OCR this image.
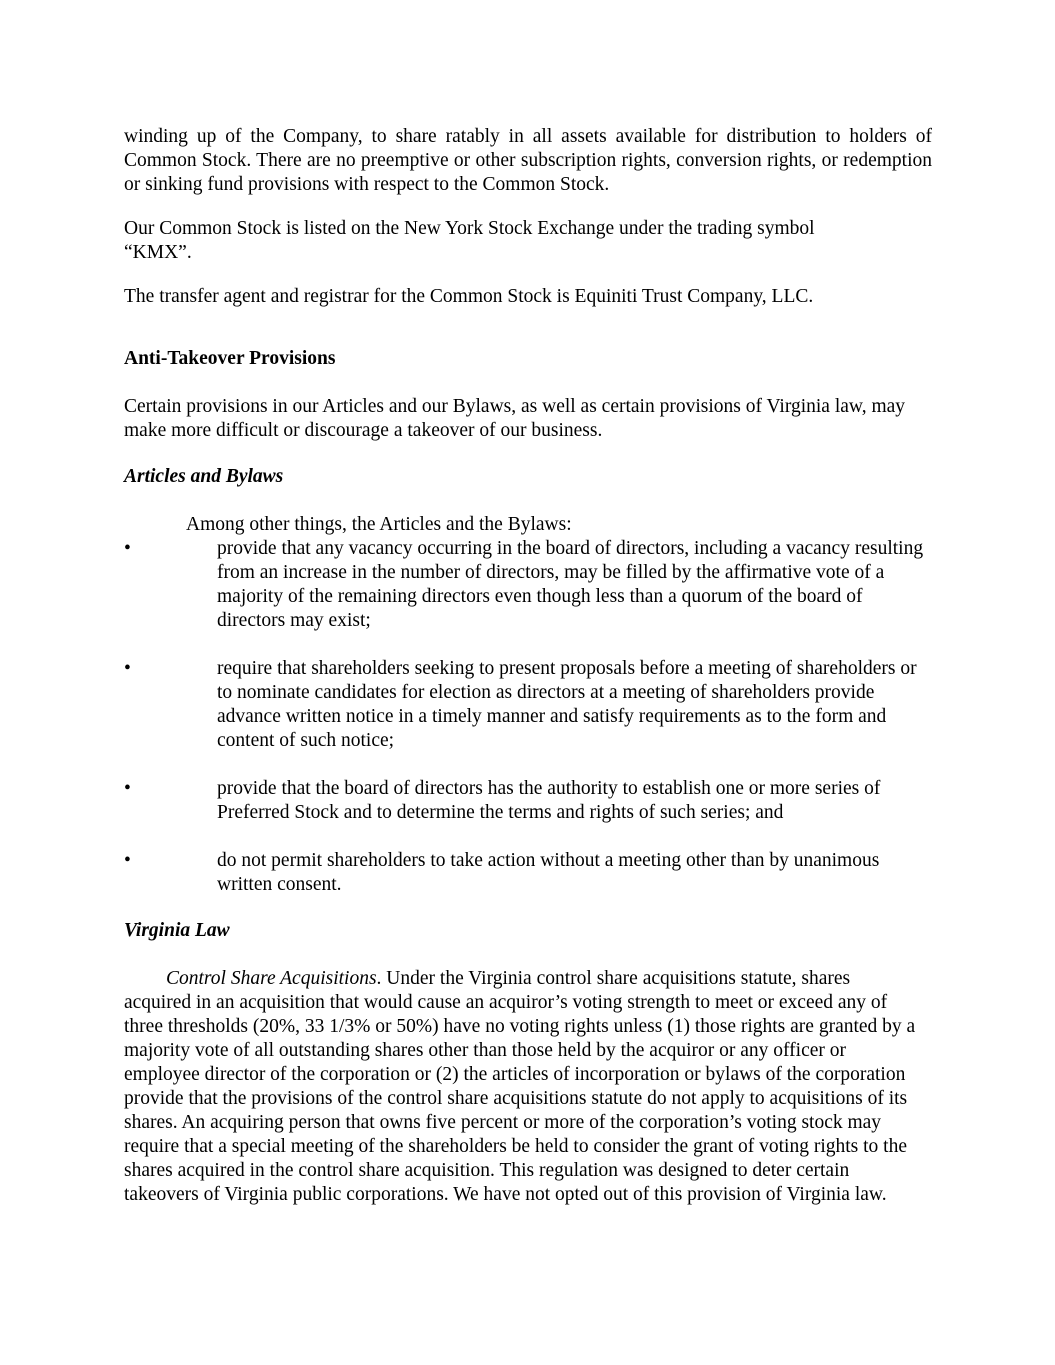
winding up of the Company, to share ratably in all assets available for distribution to holders of Common Stock. There are no preemptive or other subscription rights, conversion rights, or redemption or sinking fund provisions with respect to the Common Stock.

Our Common Stock is listed on the New York Stock Exchange under the trading symbol “KMX”.

The transfer agent and registrar for the Common Stock is Equiniti Trust Company, LLC.

Anti-Takeover Provisions

Certain provisions in our Articles and our Bylaws, as well as certain provisions of Virginia law, may make more difficult or discourage a takeover of our business.

Articles and Bylaws

Among other things, the Articles and the Bylaws:

•	provide that any vacancy occurring in the board of directors, including a vacancy resulting from an increase in the number of directors, may be filled by the affirmative vote of a majority of the remaining directors even though less than a quorum of the board of directors may exist;
•	require that shareholders seeking to present proposals before a meeting of shareholders or to nominate candidates for election as directors at a meeting of shareholders provide advance written notice in a timely manner and satisfy requirements as to the form and content of such notice;
•	provide that the board of directors has the authority to establish one or more series of Preferred Stock and to determine the terms and rights of such series; and
•	do not permit shareholders to take action without a meeting other than by unanimous written consent.

Virginia Law

Control Share Acquisitions. Under the Virginia control share acquisitions statute, shares acquired in an acquisition that would cause an acquiror’s voting strength to meet or exceed any of three thresholds (20%, 33 1/3% or 50%) have no voting rights unless (1) those rights are granted by a majority vote of all outstanding shares other than those held by the acquiror or any officer or employee director of the corporation or (2) the articles of incorporation or bylaws of the corporation provide that the provisions of the control share acquisitions statute do not apply to acquisitions of its shares. An acquiring person that owns five percent or more of the corporation’s voting stock may require that a special meeting of the shareholders be held to consider the grant of voting rights to the shares acquired in the control share acquisition. This regulation was designed to deter certain takeovers of Virginia public corporations. We have not opted out of this provision of Virginia law.
